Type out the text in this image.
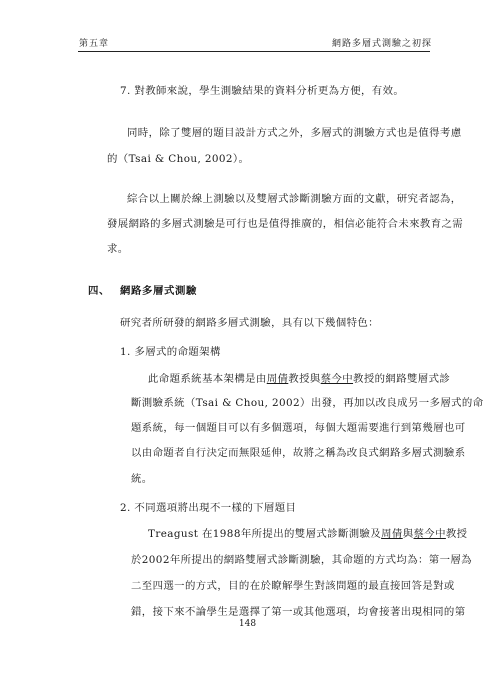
第五章	網路多層式測驗之初探
7. 對教師來說，學生測驗結果的資料分析更為方便，有效。
同時，除了雙層的題目設計方式之外，多層式的測驗方式也是值得考慮
的（Tsai & Chou, 2002）。
綜合以上關於線上測驗以及雙層式診斷測驗方面的文獻，研究者認為，
發展網路的多層式測驗是可行也是值得推廣的，相信必能符合未來教育之需
求。
四、 網路多層式測驗
研究者所研發的網路多層式測驗，具有以下幾個特色：
1. 多層式的命題架構
此命題系統基本架構是由周倩教授與蔡今中教授的網路雙層式診
斷測驗系統（Tsai & Chou, 2002）出發，再加以改良成另一多層式的命
題系統，每一個題目可以有多個選項，每個大題需要進行到第幾層也可
以由命題者自行決定而無限延伸，故將之稱為改良式網路多層式測驗系
統。
2. 不同選項將出現不一樣的下層題目
Treagust 在1988年所提出的雙層式診斷測驗及周倩與蔡今中教授
於2002年所提出的網路雙層式診斷測驗，其命題的方式均為：第一層為
二至四選一的方式，目的在於瞭解學生對該問題的最直接回答是對或
錯，接下來不論學生是選擇了第一或其他選項，均會接著出現相同的第
148
